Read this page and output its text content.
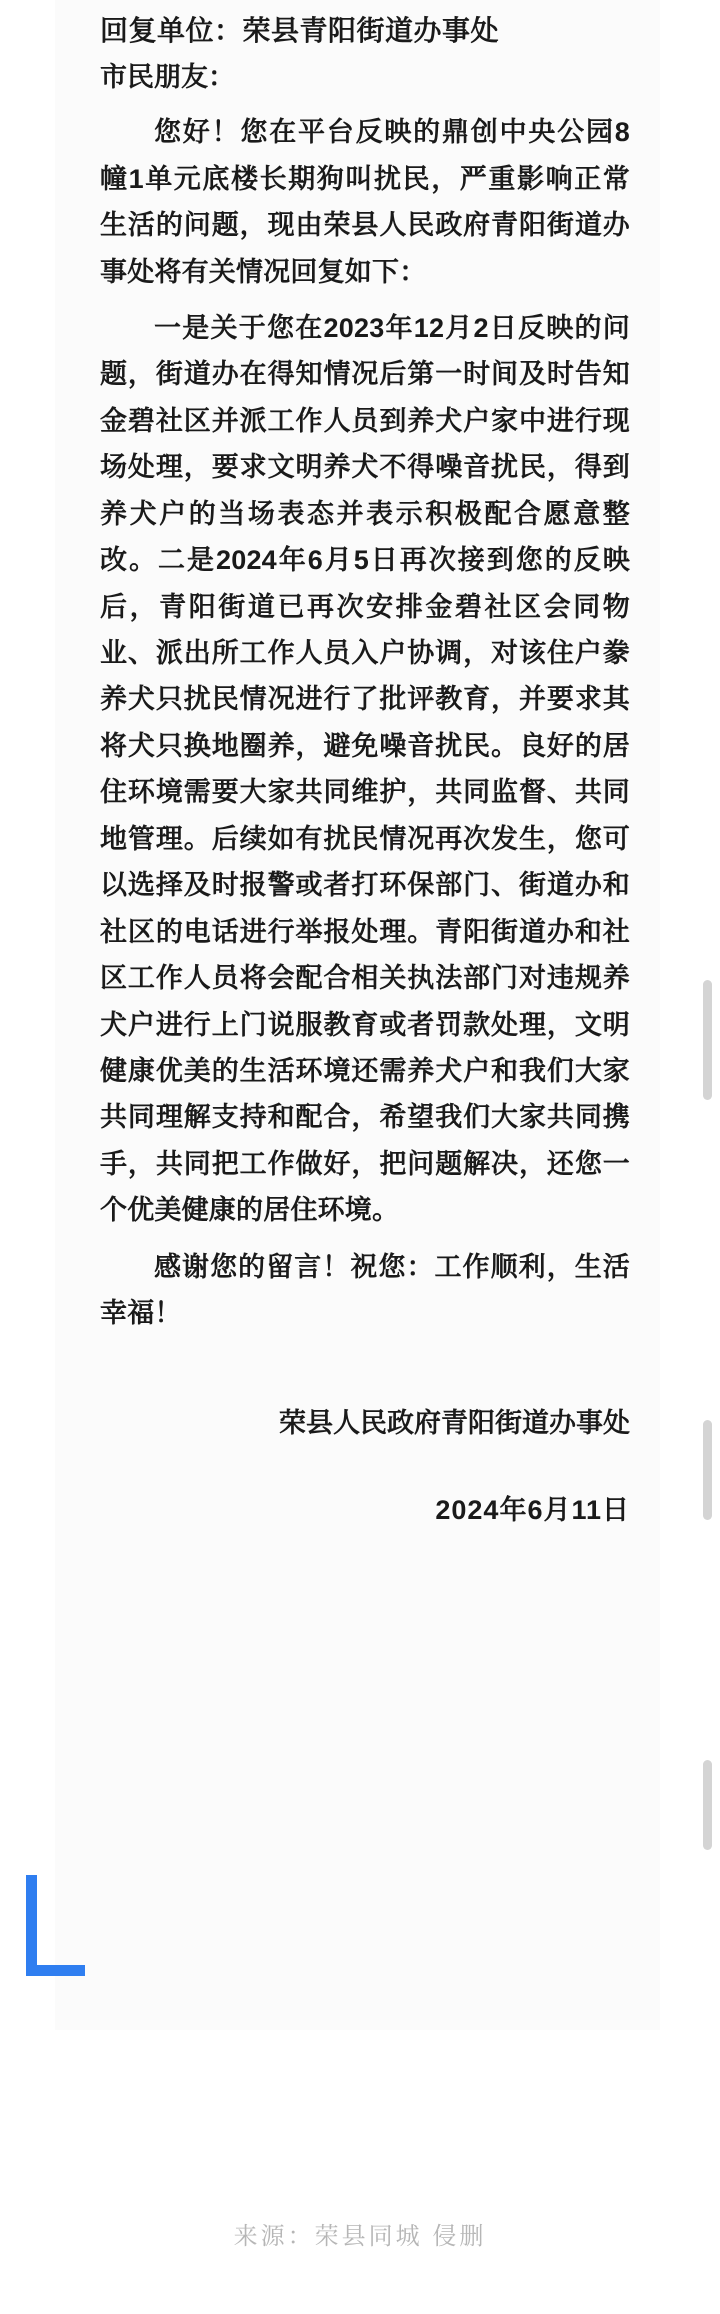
回复单位：荣县青阳街道办事处

市民朋友：

您好！您在平台反映的鼎创中央公园8幢1单元底楼长期狗叫扰民，严重影响正常生活的问题，现由荣县人民政府青阳街道办事处将有关情况回复如下：

一是关于您在2023年12月2日反映的问题，街道办在得知情况后第一时间及时告知金碧社区并派工作人员到养犬户家中进行现场处理，要求文明养犬不得噪音扰民，得到养犬户的当场表态并表示积极配合愿意整改。二是2024年6月5日再次接到您的反映后，青阳街道已再次安排金碧社区会同物业、派出所工作人员入户协调，对该住户豢养犬只扰民情况进行了批评教育，并要求其将犬只换地圈养，避免噪音扰民。良好的居住环境需要大家共同维护，共同监督、共同地管理。后续如有扰民情况再次发生，您可以选择及时报警或者打环保部门、街道办和社区的电话进行举报处理。青阳街道办和社区工作人员将会配合相关执法部门对违规养犬户进行上门说服教育或者罚款处理，文明健康优美的生活环境还需养犬户和我们大家共同理解支持和配合，希望我们大家共同携手，共同把工作做好，把问题解决，还您一个优美健康的居住环境。

感谢您的留言！祝您：工作顺利，生活幸福！

荣县人民政府青阳街道办事处

2024年6月11日

来源：荣县同城 侵删
